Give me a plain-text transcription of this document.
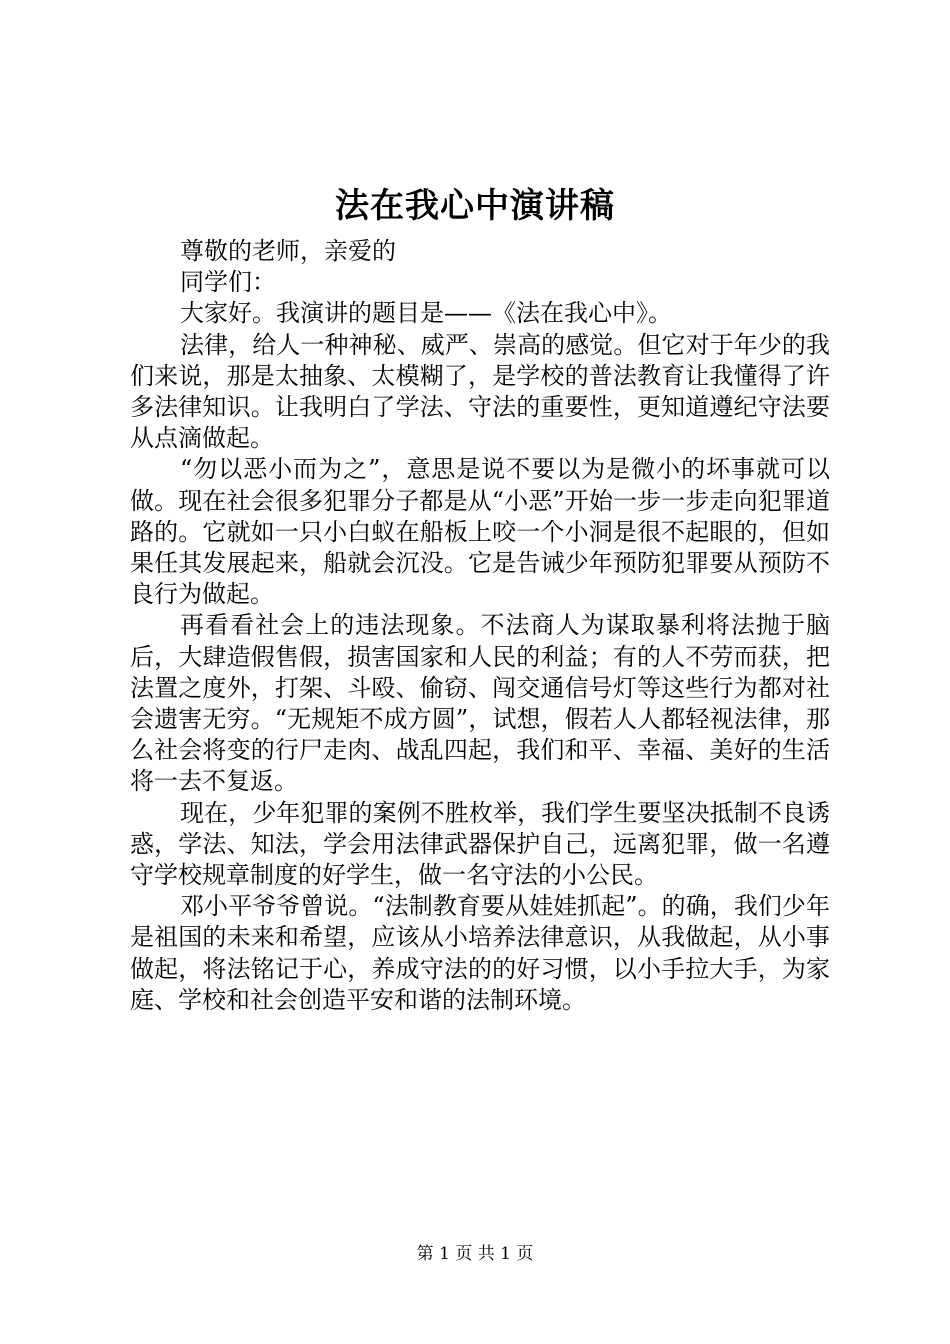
法在我心中演讲稿

尊敬的老师，亲爱的

同学们：

大家好。我演讲的题目是——《法在我心中》。

法律，给人一种神秘、威严、崇高的感觉。但它对于年少的我们来说，那是太抽象、太模糊了，是学校的普法教育让我懂得了许多法律知识。让我明白了学法、守法的重要性，更知道遵纪守法要从点滴做起。

“勿以恶小而为之”，意思是说不要以为是微小的坏事就可以做。现在社会很多犯罪分子都是从“小恶”开始一步一步走向犯罪道路的。它就如一只小白蚁在船板上咬一个小洞是很不起眼的，但如果任其发展起来，船就会沉没。它是告诫少年预防犯罪要从预防不良行为做起。

再看看社会上的违法现象。不法商人为谋取暴利将法抛于脑后，大肆造假售假，损害国家和人民的利益；有的人不劳而获，把法置之度外，打架、斗殴、偷窃、闯交通信号灯等这些行为都对社会遗害无穷。“无规矩不成方圆”，试想，假若人人都轻视法律，那么社会将变的行尸走肉、战乱四起，我们和平、幸福、美好的生活将一去不复返。

现在，少年犯罪的案例不胜枚举，我们学生要坚决抵制不良诱惑，学法、知法，学会用法律武器保护自己，远离犯罪，做一名遵守学校规章制度的好学生，做一名守法的小公民。

邓小平爷爷曾说。“法制教育要从娃娃抓起”。的确，我们少年是祖国的未来和希望，应该从小培养法律意识，从我做起，从小事做起，将法铭记于心，养成守法的的好习惯，以小手拉大手，为家庭、学校和社会创造平安和谐的法制环境。

第 1 页 共 1 页
